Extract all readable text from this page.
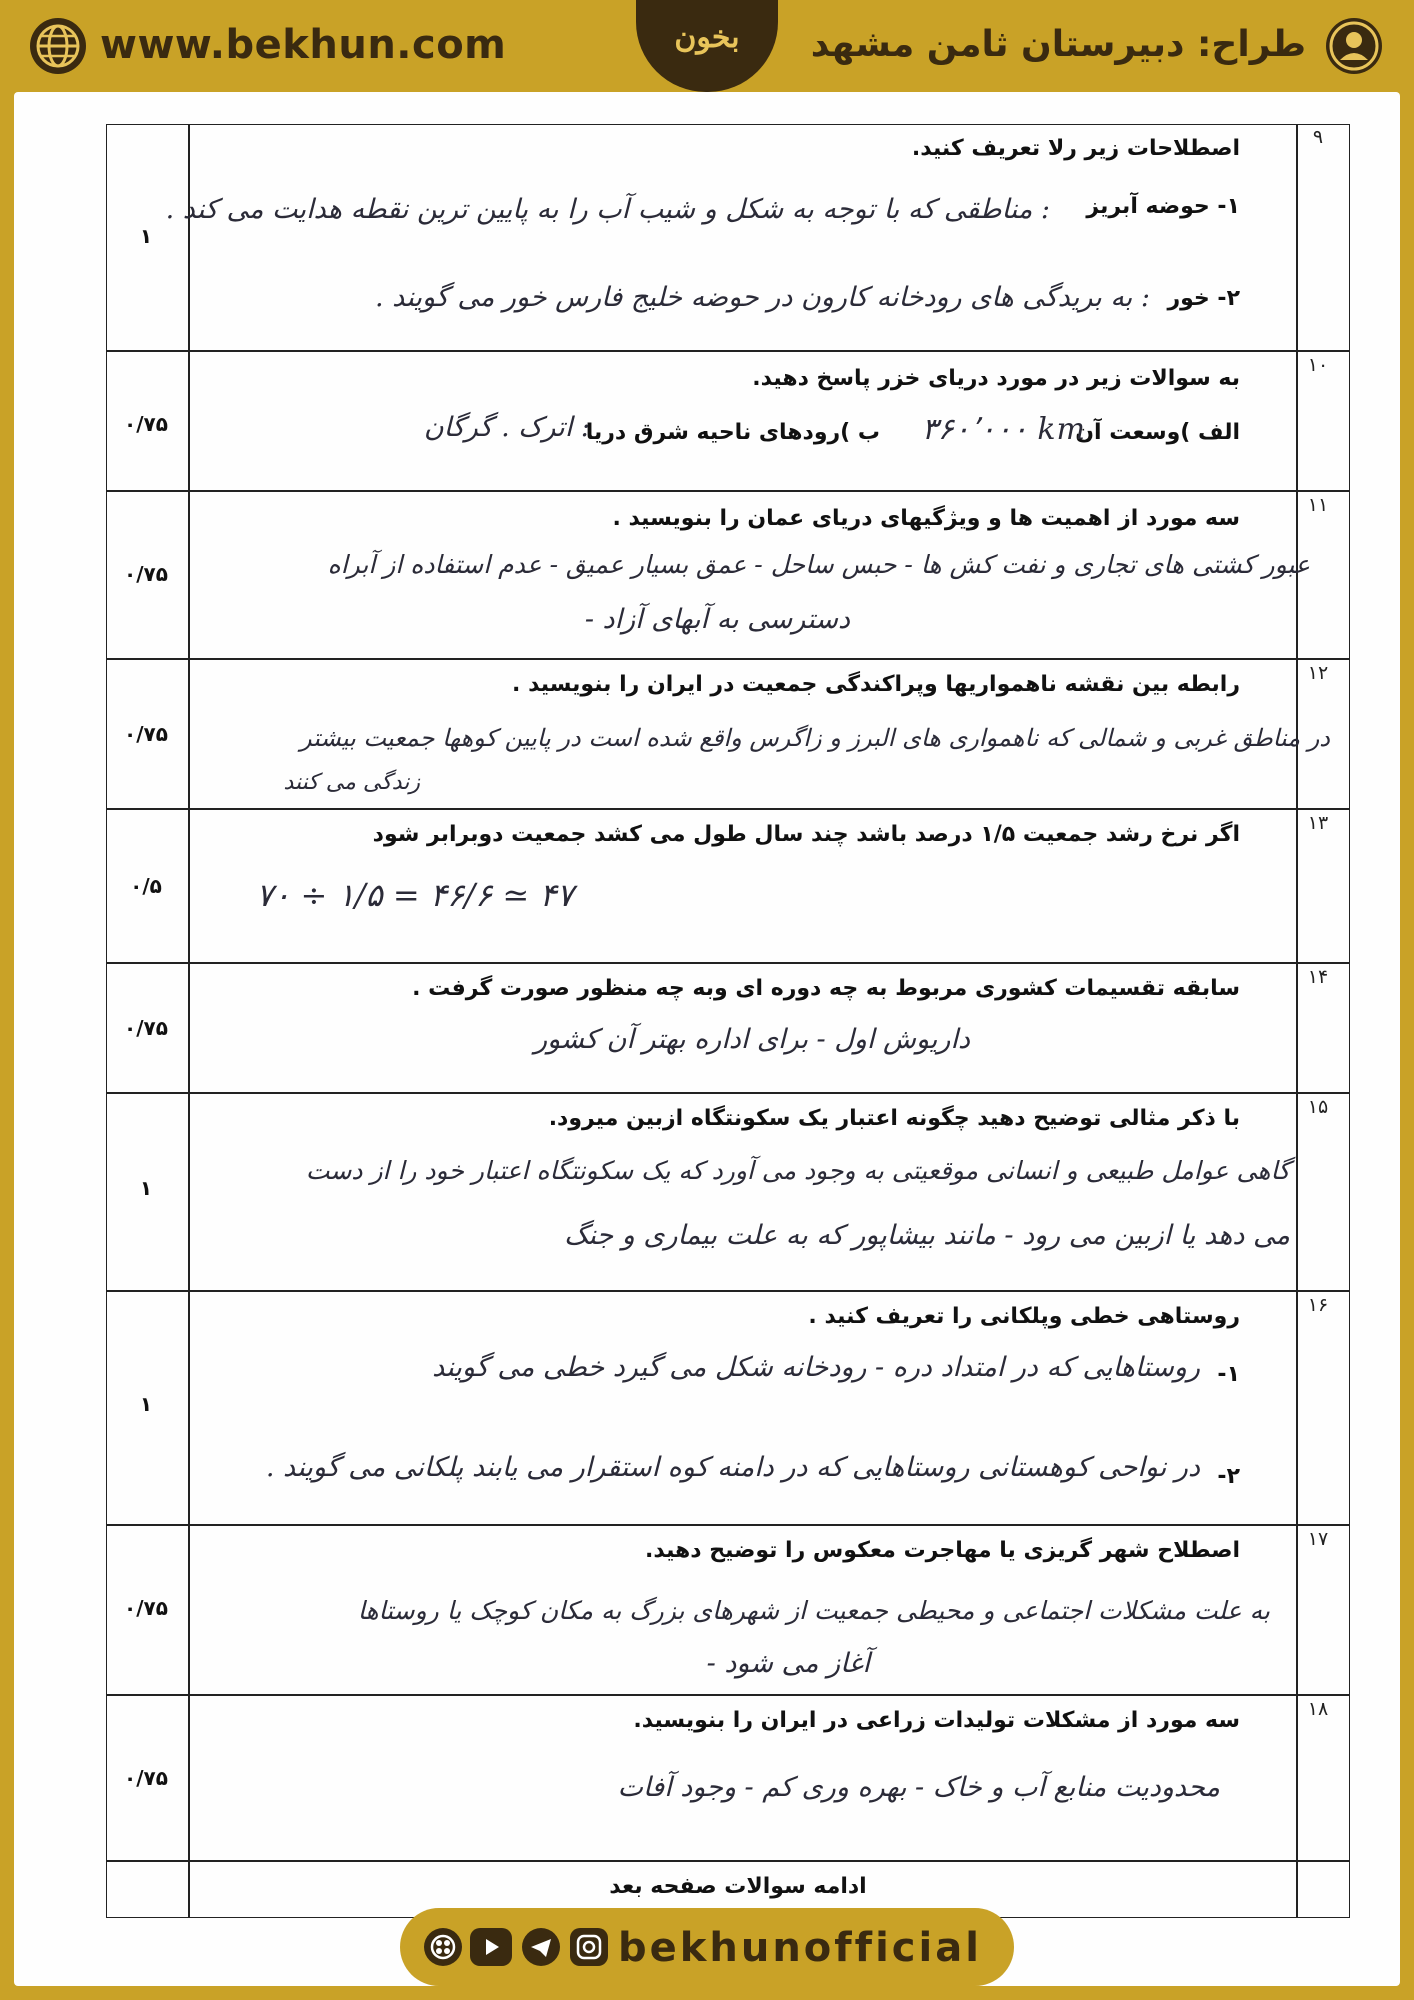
www.bekhun.com	بخون	طراح: دبیرستان ثامن مشهد
۹
۱
اصطلاحات زیر رلا تعریف کنید.
۱- حوضه آبریز
: مناطقی که با توجه به شکل و شیب آب را به پایین ترین نقطه هدایت می کند .
۲- خور
: به بریدگی های رودخانه کارون در حوضه خلیج فارس خور می گویند .
۱۰
۰/۷۵
به سوالات زیر در مورد دریای خزر پاسخ دهید.
الف )وسعت آن
۳۶۰٬۰۰۰ km
ب )رودهای ناحیه شرق دریا
: اترک . گرگان
۱۱
۰/۷۵
سه مورد از اهمیت ها و ویژگیهای دریای عمان را بنویسید .
عبور کشتی های تجاری و نفت کش ها - حبس ساحل - عمق بسیار عمیق - عدم استفاده از آبراه
دسترسی به آبهای آزاد -
۱۲
۰/۷۵
رابطه بین نقشه ناهمواریها وپراکندگی جمعیت در ایران را بنویسید .
در مناطق غربی و شمالی که ناهمواری های البرز و زاگرس واقع شده است در پایین کوهها جمعیت بیشتر
زندگی می کنند
۱۳
۰/۵
اگر نرخ رشد جمعیت ۱/۵ درصد باشد چند سال طول می کشد جمعیت دوبرابر شود
۷۰ ÷ ۱/۵ = ۴۶/۶ ≃ ۴۷
۱۴
۰/۷۵
سابقه تقسیمات کشوری مربوط به چه دوره ای وبه چه منظور صورت گرفت .
داریوش اول - برای اداره بهتر آن کشور
۱۵
۱
با ذکر مثالی توضیح دهید چگونه اعتبار یک سکونتگاه ازبین میرود.
گاهی عوامل طبیعی و انسانی موقعیتی به وجود می آورد که یک سکونتگاه اعتبار خود را از دست
می دهد یا ازبین می رود - مانند بیشاپور که به علت بیماری و جنگ
۱۶
۱
روستاهی خطی وپلکانی را تعریف کنید .
۱-
روستاهایی که در امتداد دره - رودخانه شکل می گیرد خطی می گویند
۲-
در نواحی کوهستانی روستاهایی که در دامنه کوه استقرار می یابند پلکانی می گویند .
۱۷
۰/۷۵
اصطلاح شهر گریزی یا مهاجرت معکوس را توضیح دهید.
به علت مشکلات اجتماعی و محیطی جمعیت از شهرهای بزرگ به مکان کوچک یا روستاها
آغاز می شود -
۱۸
۰/۷۵
سه مورد از مشکلات تولیدات زراعی در ایران را بنویسید.
محدودیت منابع آب و خاک - بهره وری کم - وجود آفات
ادامه سوالات صفحه بعد
bekhunofficial
